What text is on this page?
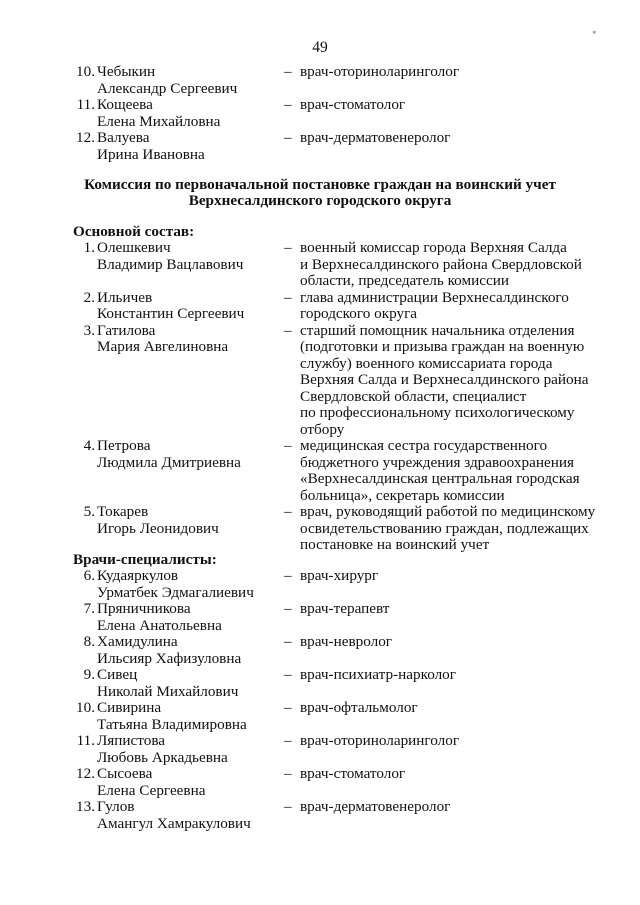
49
*
10. Чебыкин
Александр Сергеевич
– врач-оториноларинголог
11. Кощеева
Елена Михайловна
– врач-стоматолог
12. Валуева
Ирина Ивановна
– врач-дерматовенеролог
Комиссия по первоначальной постановке граждан на воинский учет
Верхнесалдинского городского округа
Основной состав:
1. Олешкевич
Владимир Вацлавович
– военный комиссар города Верхняя Салда
и Верхнесалдинского района Свердловской
области, председатель комиссии
2. Ильичев
Константин Сергеевич
– глава администрации Верхнесалдинского
городского округа
3. Гатилова
Мария Авгелиновна
– старший помощник начальника отделения
(подготовки и призыва граждан на военную
службу) военного комиссариата города
Верхняя Салда и Верхнесалдинского района
Свердловской области, специалист
по профессиональному психологическому
отбору
4. Петрова
Людмила Дмитриевна
– медицинская сестра государственного
бюджетного учреждения здравоохранения
«Верхнесалдинская центральная городская
больница», секретарь комиссии
5. Токарев
Игорь Леонидович
– врач, руководящий работой по медицинскому
освидетельствованию граждан, подлежащих
постановке на воинский учет
Врачи-специалисты:
6. Кудаяркулов
Урматбек Эдмагалиевич
– врач-хирург
7. Пряничникова
Елена Анатольевна
– врач-терапевт
8. Хамидулина
Ильсияр Хафизуловна
– врач-невролог
9. Сивец
Николай Михайлович
– врач-психиатр-нарколог
10. Сивирина
Татьяна Владимировна
– врач-офтальмолог
11. Ляпистова
Любовь Аркадьевна
– врач-оториноларинголог
12. Сысоева
Елена Сергеевна
– врач-стоматолог
13. Гулов
Амангул Хамракулович
– врач-дерматовенеролог
